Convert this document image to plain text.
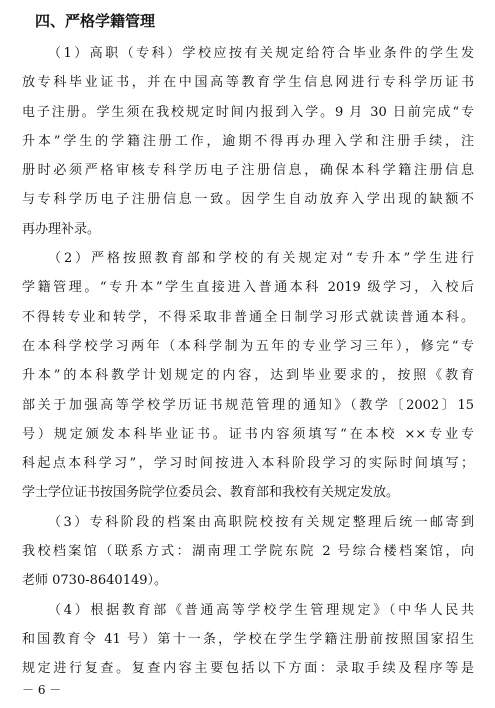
四、严格学籍管理
（1）高职（专科）学校应按有关规定给符合毕业条件的学生发
放专科毕业证书，并在中国高等教育学生信息网进行专科学历证书
电子注册。学生须在我校规定时间内报到入学。9 月 30 日前完成“专
升本”学生的学籍注册工作，逾期不得再办理入学和注册手续，注
册时必须严格审核专科学历电子注册信息，确保本科学籍注册信息
与专科学历电子注册信息一致。因学生自动放弃入学出现的缺额不
再办理补录。
（2）严格按照教育部和学校的有关规定对“专升本”学生进行
学籍管理。“专升本”学生直接进入普通本科 2019 级学习，入校后
不得转专业和转学，不得采取非普通全日制学习形式就读普通本科。
在本科学校学习两年（本科学制为五年的专业学习三年），修完“专
升本”的本科教学计划规定的内容，达到毕业要求的，按照《教育
部关于加强高等学校学历证书规范管理的通知》（教学〔2002〕15
号）规定颁发本科毕业证书。证书内容须填写“在本校 ××专业专
科起点本科学习”，学习时间按进入本科阶段学习的实际时间填写；
学士学位证书按国务院学位委员会、教育部和我校有关规定发放。
（3）专科阶段的档案由高职院校按有关规定整理后统一邮寄到
我校档案馆（联系方式：湖南理工学院东院 2 号综合楼档案馆，向
老师 0730-8640149）。
（4）根据教育部《普通高等学校学生管理规定》（中华人民共
和国教育令 41 号）第十一条，学校在学生学籍注册前按照国家招生
规定进行复查。复查内容主要包括以下方面：录取手续及程序等是
－ 6 －
